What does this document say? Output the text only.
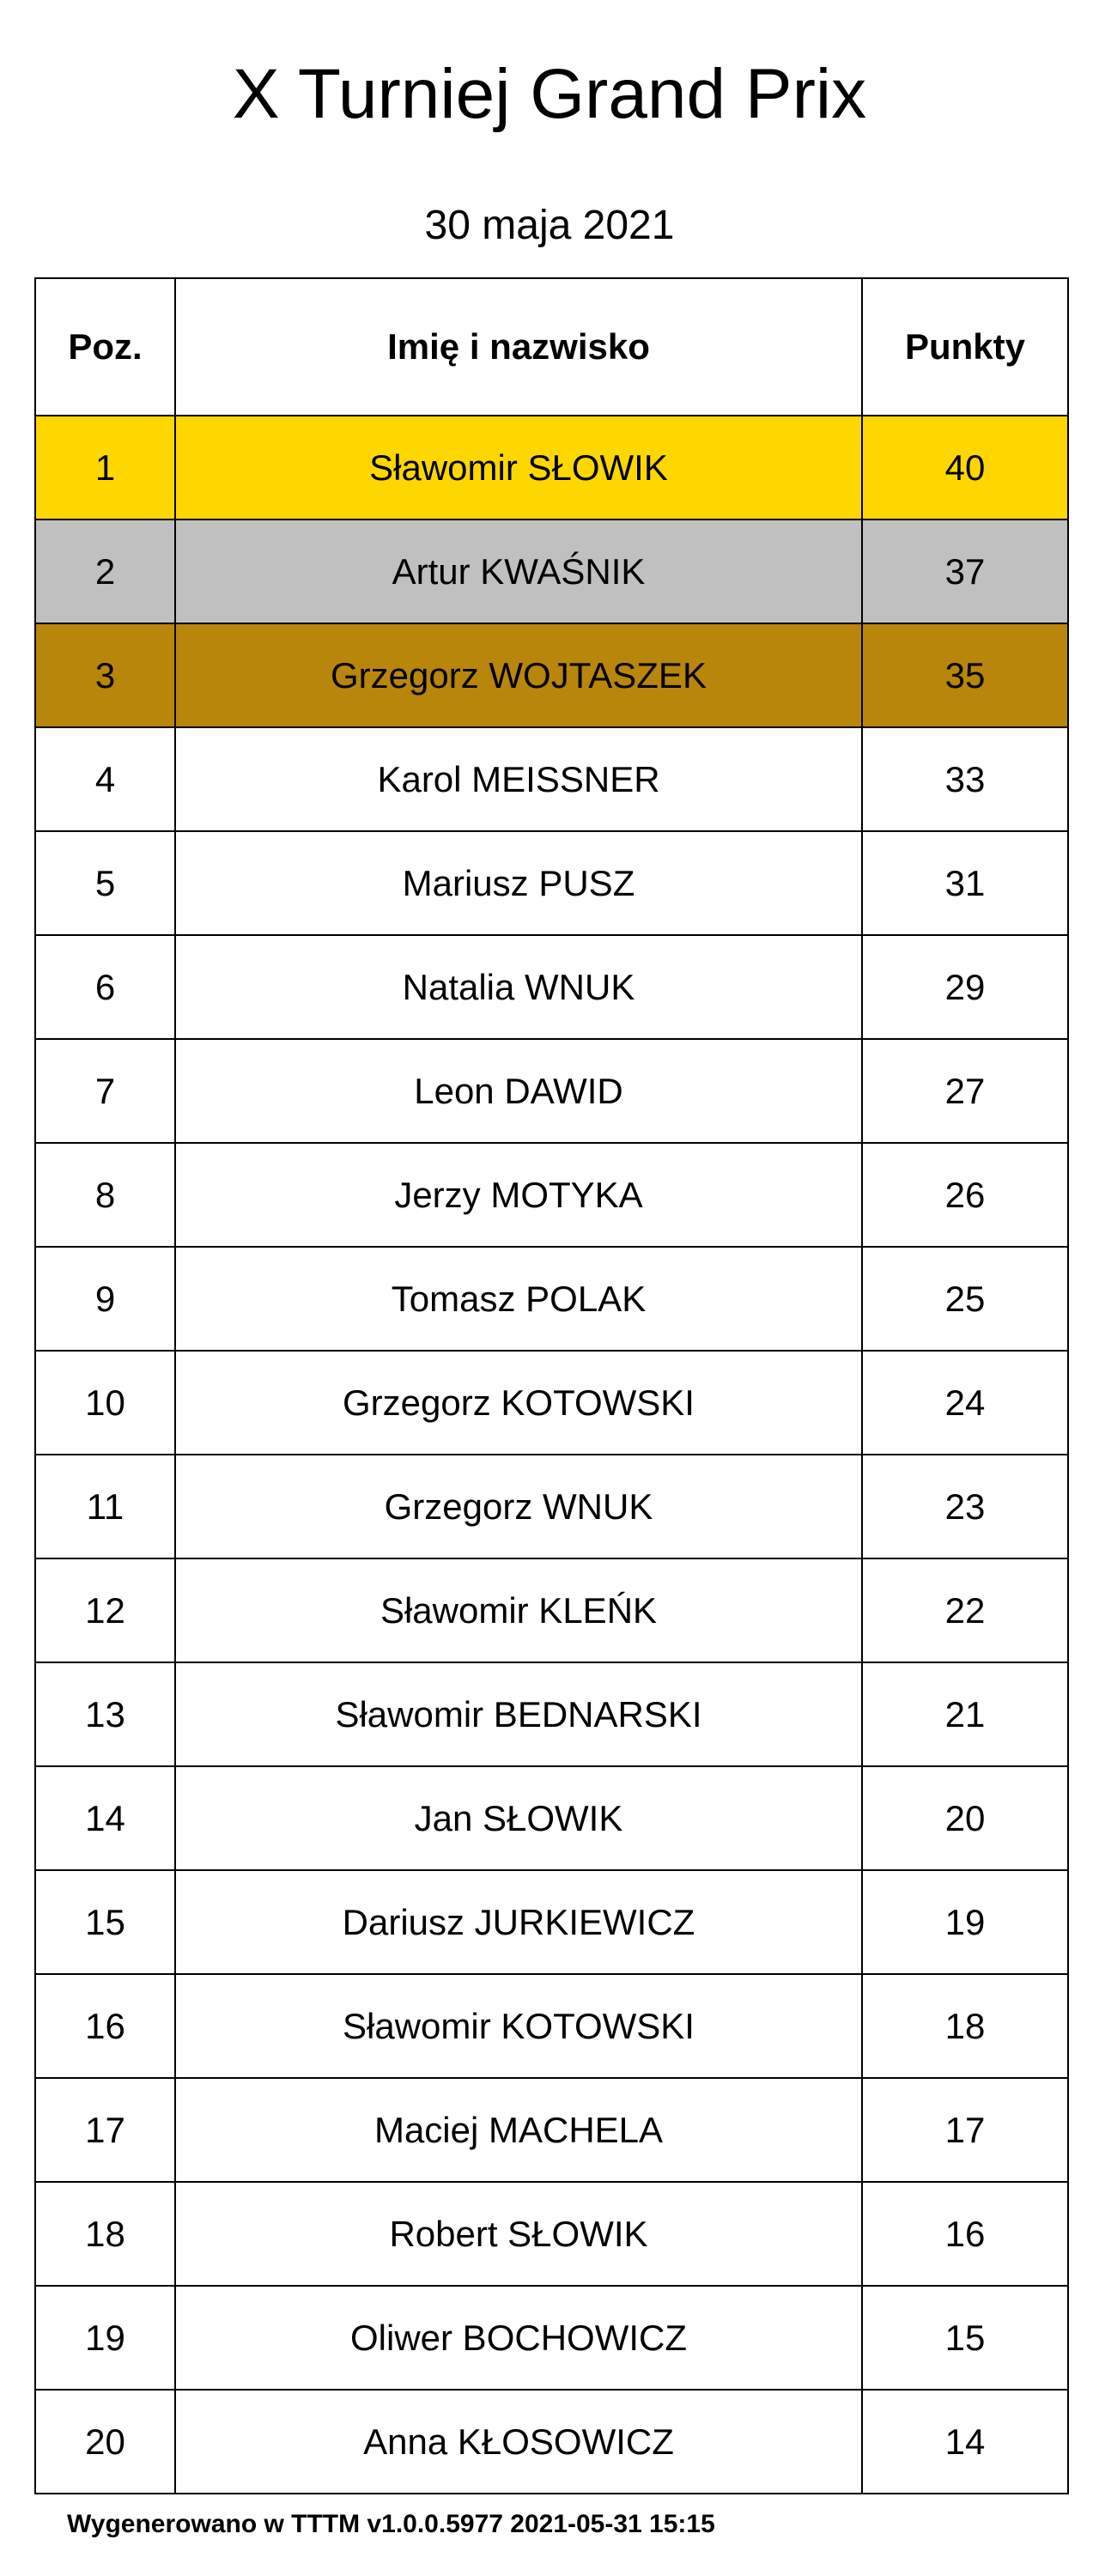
X Turniej Grand Prix
30 maja 2021
Poz.	Imię i nazwisko	Punkty
1	Sławomir SŁOWIK	40
2	Artur KWAŚNIK	37
3	Grzegorz WOJTASZEK	35
4	Karol MEISSNER	33
5	Mariusz PUSZ	31
6	Natalia WNUK	29
7	Leon DAWID	27
8	Jerzy MOTYKA	26
9	Tomasz POLAK	25
10	Grzegorz KOTOWSKI	24
11	Grzegorz WNUK	23
12	Sławomir KLEŃK	22
13	Sławomir BEDNARSKI	21
14	Jan SŁOWIK	20
15	Dariusz JURKIEWICZ	19
16	Sławomir KOTOWSKI	18
17	Maciej MACHELA	17
18	Robert SŁOWIK	16
19	Oliwer BOCHOWICZ	15
20	Anna KŁOSOWICZ	14
Wygenerowano w TTTM v1.0.0.5977 2021-05-31 15:15
